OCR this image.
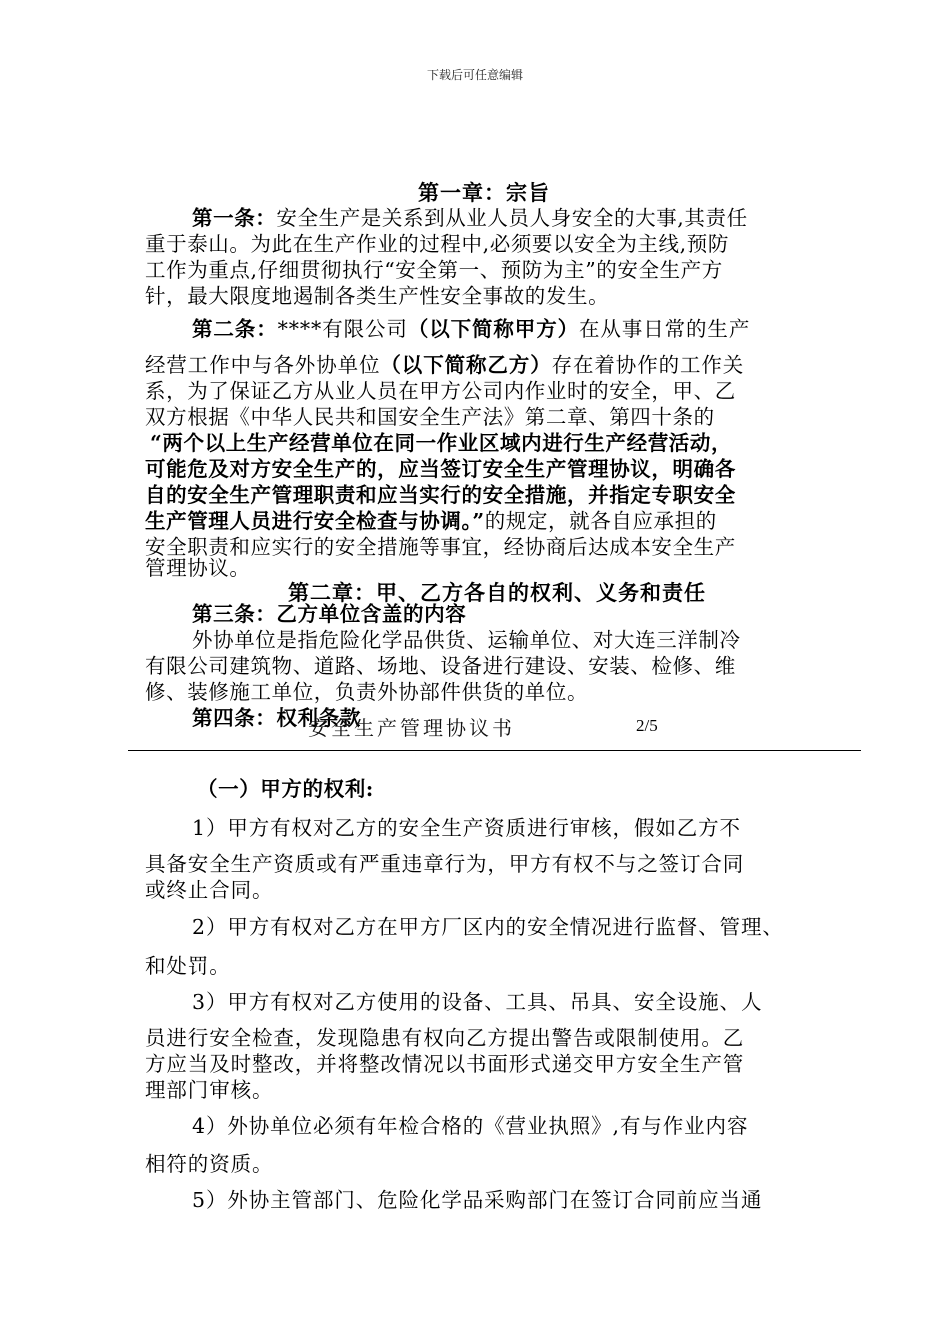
下载后可任意编辑
第一章：宗旨
第一条：安全生产是关系到从业人员人身安全的大事,其责任
重于泰山。为此在生产作业的过程中,必须要以安全为主线,预防
工作为重点,仔细贯彻执行“安全第一、预防为主”的安全生产方
针，最大限度地遏制各类生产性安全事故的发生。
第二条：****有限公司（以下简称甲方）在从事日常的生产
经营工作中与各外协单位（以下简称乙方）存在着协作的工作关
系，为了保证乙方从业人员在甲方公司内作业时的安全，甲、乙
双方根据《中华人民共和国安全生产法》第二章、第四十条的
“两个以上生产经营单位在同一作业区域内进行生产经营活动，
可能危及对方安全生产的，应当签订安全生产管理协议，明确各
自的安全生产管理职责和应当实行的安全措施，并指定专职安全
生产管理人员进行安全检查与协调。”的规定，就各自应承担的
安全职责和应实行的安全措施等事宜，经协商后达成本安全生产
管理协议。
第二章：甲、乙方各自的权利、义务和责任
第三条：乙方单位含盖的内容
外协单位是指危险化学品供货、运输单位、对大连三洋制冷
有限公司建筑物、道路、场地、设备进行建设、安装、检修、维
修、装修施工单位，负责外协部件供货的单位。
第四条：权利条款
安全生产管理协议书	2/5
（一）甲方的权利:
1）甲方有权对乙方的安全生产资质进行审核，假如乙方不
具备安全生产资质或有严重违章行为，甲方有权不与之签订合同
或终止合同。
2）甲方有权对乙方在甲方厂区内的安全情况进行监督、管理、
和处罚。
3）甲方有权对乙方使用的设备、工具、吊具、安全设施、人
员进行安全检查，发现隐患有权向乙方提出警告或限制使用。乙
方应当及时整改，并将整改情况以书面形式递交甲方安全生产管
理部门审核。
4）外协单位必须有年检合格的《营业执照》,有与作业内容
相符的资质。
5）外协主管部门、危险化学品采购部门在签订合同前应当通
